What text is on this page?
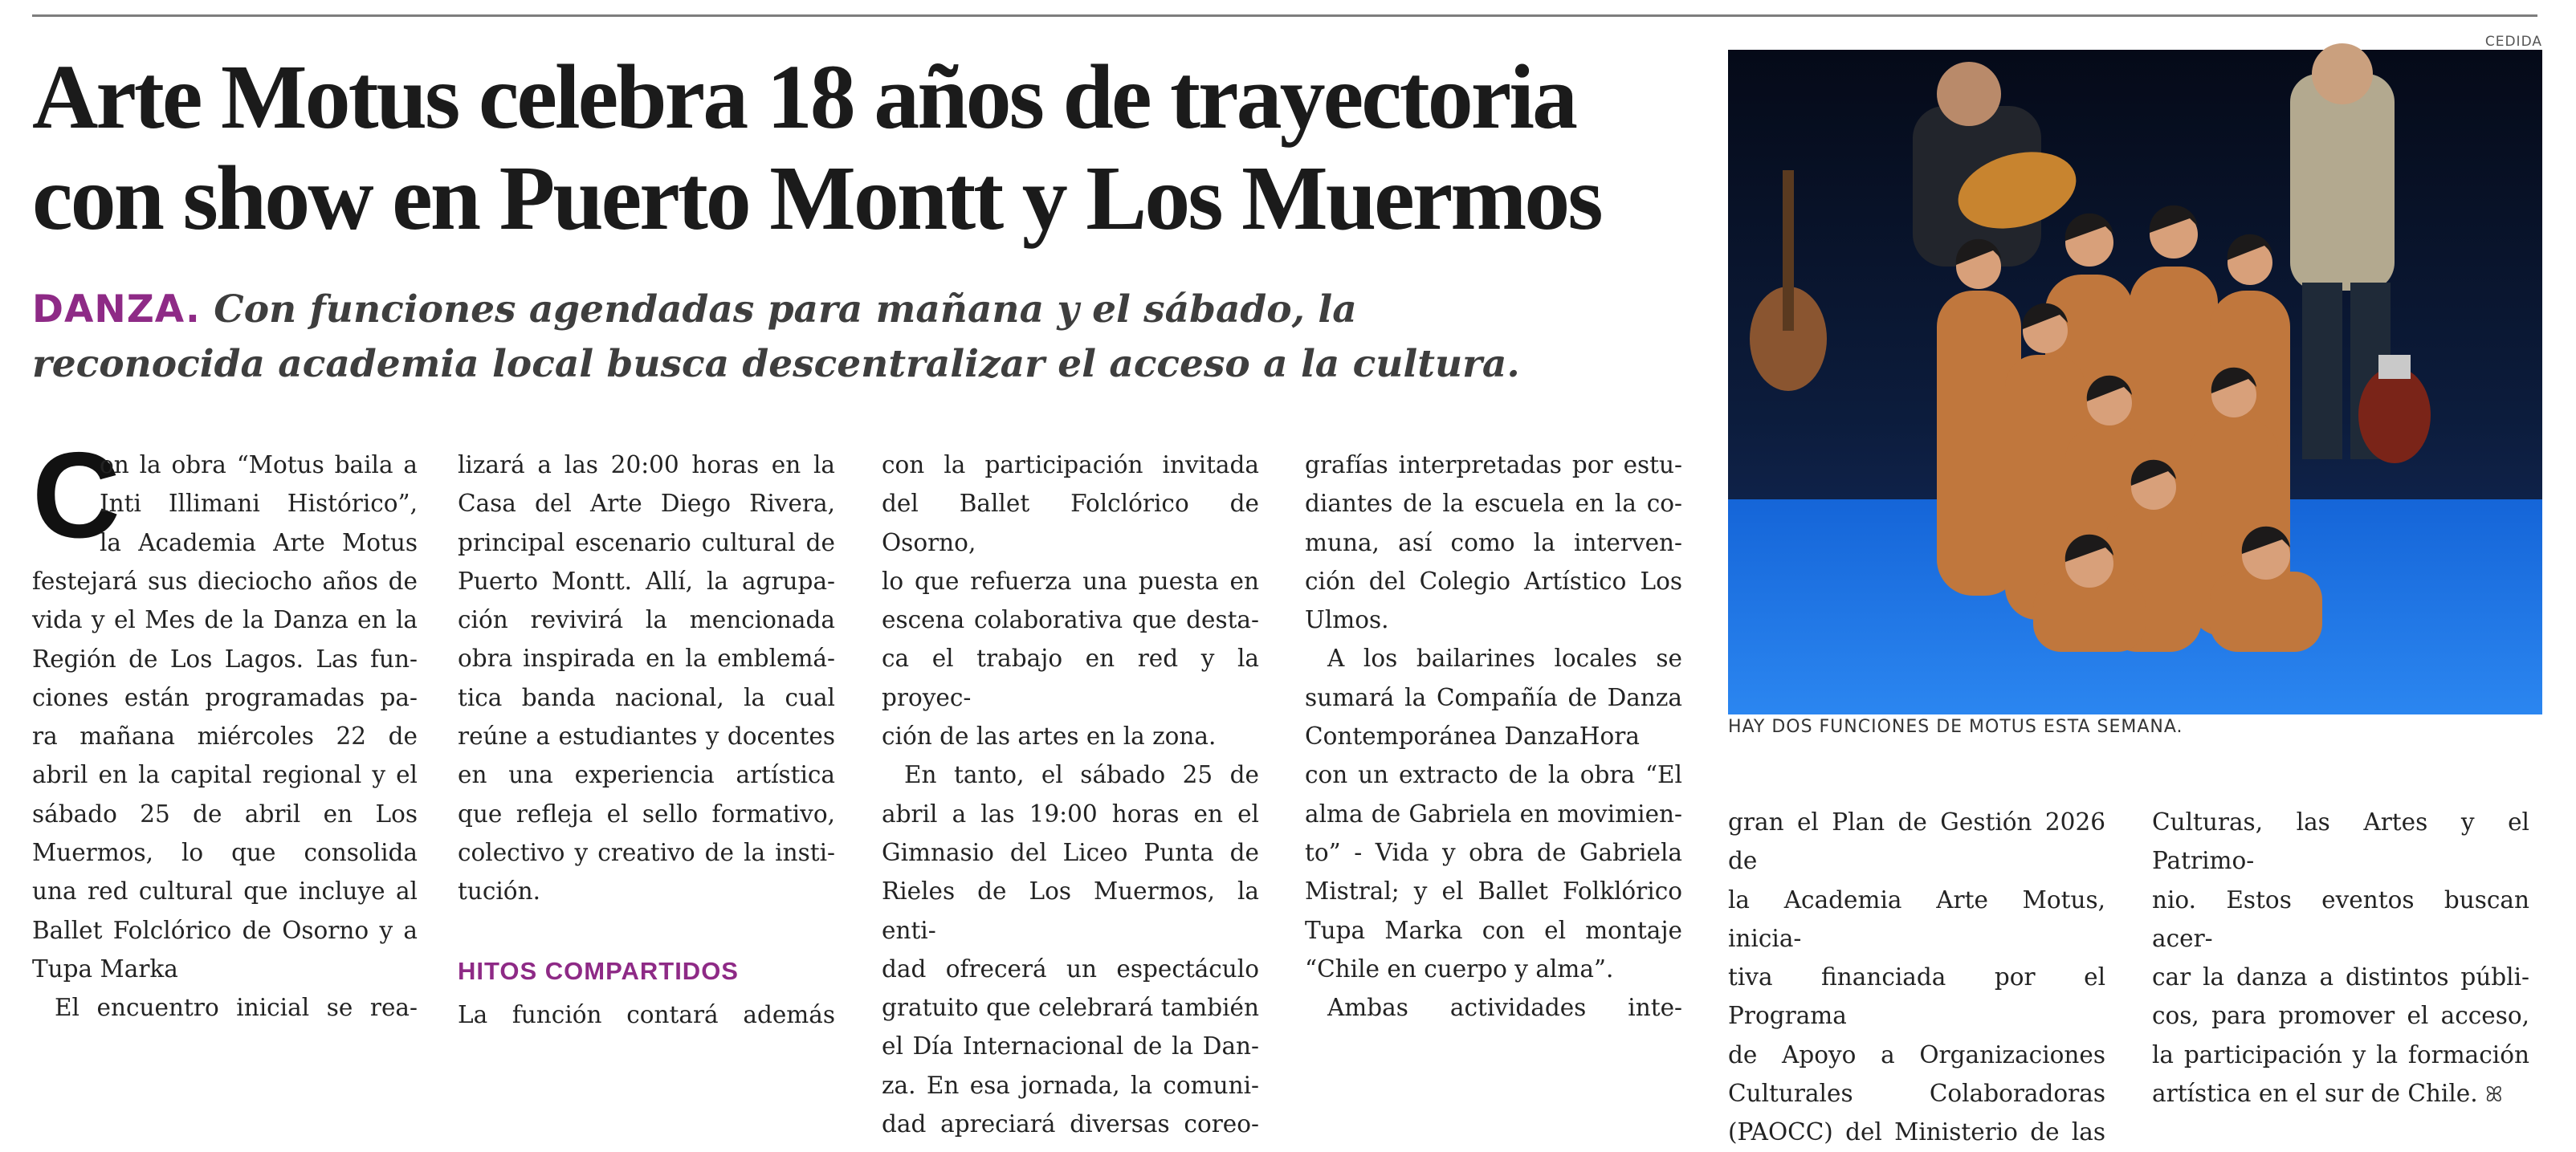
Arte Motus celebra 18 años de trayectoria
con show en Puerto Montt y Los Muermos
DANZA. Con funciones agendadas para mañana y el sábado, la
reconocida academia local busca descentralizar el acceso a la cultura.
C
on la obra “Motus baila a
Inti Illimani Histórico”,
la Academia Arte Motus
festejará sus dieciocho años de
vida y el Mes de la Danza en la
Región de Los Lagos. Las fun-
ciones están programadas pa-
ra mañana miércoles 22 de
abril en la capital regional y el
sábado 25 de abril en Los
Muermos, lo que consolida
una red cultural que incluye al
Ballet Folclórico de Osorno y a
Tupa Marka
El encuentro inicial se rea-
lizará a las 20:00 horas en la
Casa del Arte Diego Rivera,
principal escenario cultural de
Puerto Montt. Allí, la agrupa-
ción revivirá la mencionada
obra inspirada en la emblemá-
tica banda nacional, la cual
reúne a estudiantes y docentes
en una experiencia artística
que refleja el sello formativo,
colectivo y creativo de la insti-
tución.
HITOS COMPARTIDOS
La función contará además
con la participación invitada
del Ballet Folclórico de Osorno,
lo que refuerza una puesta en
escena colaborativa que desta-
ca el trabajo en red y la proyec-
ción de las artes en la zona.
En tanto, el sábado 25 de
abril a las 19:00 horas en el
Gimnasio del Liceo Punta de
Rieles de Los Muermos, la enti-
dad ofrecerá un espectáculo
gratuito que celebrará también
el Día Internacional de la Dan-
za. En esa jornada, la comuni-
dad apreciará diversas coreo-
grafías interpretadas por estu-
diantes de la escuela en la co-
muna, así como la interven-
ción del Colegio Artístico Los
Ulmos.
A los bailarines locales se
sumará la Compañía de Danza
Contemporánea DanzaHora
con un extracto de la obra “El
alma de Gabriela en movimien-
to” - Vida y obra de Gabriela
Mistral; y el Ballet Folklórico
Tupa Marka con el montaje
“Chile en cuerpo y alma”.
Ambas actividades inte-
gran el Plan de Gestión 2026 de
la Academia Arte Motus, inicia-
tiva financiada por el Programa
de Apoyo a Organizaciones
Culturales Colaboradoras
(PAOCC) del Ministerio de las
Culturas, las Artes y el Patrimo-
nio. Estos eventos buscan acer-
car la danza a distintos públi-
cos, para promover el acceso,
la participación y la formación
artística en el sur de Chile. ꕤ
CEDIDA
HAY DOS FUNCIONES DE MOTUS ESTA SEMANA.
